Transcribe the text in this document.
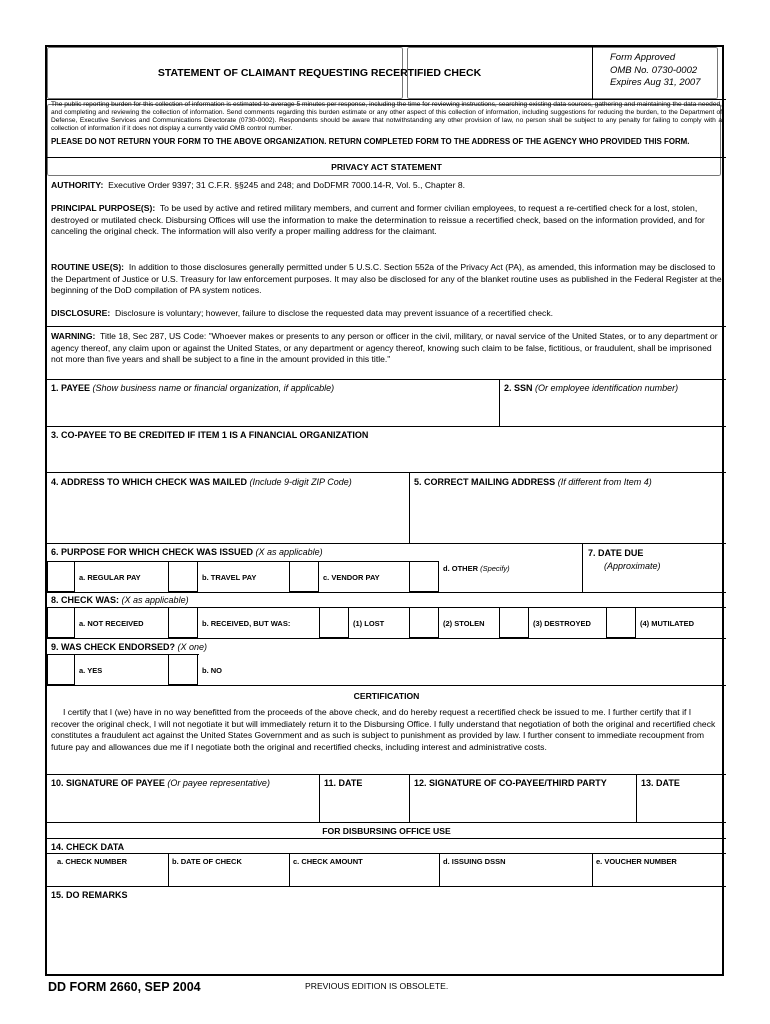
STATEMENT OF CLAIMANT REQUESTING RECERTIFIED CHECK
Form Approved
OMB No. 0730-0002
Expires Aug 31, 2007
The public reporting burden for this collection of information is estimated to average 5 minutes per response, including the time for reviewing instructions, searching existing data sources, gathering and maintaining the data needed, and completing and reviewing the collection of information. Send comments regarding this burden estimate or any other aspect of this collection of information, including suggestions for reducing the burden, to the Department of Defense, Executive Services and Communications Directorate (0730-0002). Respondents should be aware that notwithstanding any other provision of law, no person shall be subject to any penalty for failing to comply with a collection of information if it does not display a currently valid OMB control number.
PLEASE DO NOT RETURN YOUR FORM TO THE ABOVE ORGANIZATION. RETURN COMPLETED FORM TO THE ADDRESS OF THE AGENCY WHO PROVIDED THIS FORM.
PRIVACY ACT STATEMENT
AUTHORITY: Executive Order 9397; 31 C.F.R. §§245 and 248; and DoDFMR 7000.14-R, Vol. 5., Chapter 8.
PRINCIPAL PURPOSE(S): To be used by active and retired military members, and current and former civilian employees, to request a re-certified check for a lost, stolen, destroyed or mutilated check. Disbursing Offices will use the information to make the determination to reissue a recertified check, based on the information provided, and for canceling the original check. The information will also verify a proper mailing address for the claimant.
ROUTINE USE(S): In addition to those disclosures generally permitted under 5 U.S.C. Section 552a of the Privacy Act (PA), as amended, this information may be disclosed to the Department of Justice or U.S. Treasury for law enforcement purposes. It may also be disclosed for any of the blanket routine uses as published in the Federal Register at the beginning of the DoD compilation of PA system notices.
DISCLOSURE: Disclosure is voluntary; however, failure to disclose the requested data may prevent issuance of a recertified check.
WARNING: Title 18, Sec 287, US Code: "Whoever makes or presents to any person or officer in the civil, military, or naval service of the United States, or to any department or agency thereof, any claim upon or against the United States, or any department or agency thereof, knowing such claim to be false, fictitious, or fraudulent, shall be imprisoned not more than five years and shall be subject to a fine in the amount provided in this title."
1. PAYEE (Show business name or financial organization, if applicable)	2. SSN (Or employee identification number)
3. CO-PAYEE TO BE CREDITED IF ITEM 1 IS A FINANCIAL ORGANIZATION
4. ADDRESS TO WHICH CHECK WAS MAILED (Include 9-digit ZIP Code)
	5. CORRECT MAILING ADDRESS (If different from Item 4)

6. PURPOSE FOR WHICH CHECK WAS ISSUED (X as applicable)
a. REGULAR PAY	b. TRAVEL PAY	c. VENDOR PAY
d. OTHER (Specify)
7. DATE DUE
(Approximate)
8. CHECK WAS: (X as applicable)
a. NOT RECEIVED	b. RECEIVED, BUT WAS:	(1) LOST	(2) STOLEN	(3) DESTROYED	(4) MUTILATED
9. WAS CHECK ENDORSED? (X one)
a. YES	b. NO
CERTIFICATION
I certify that I (we) have in no way benefitted from the proceeds of the above check, and do hereby request a recertified check be issued to me. I further certify that if I recover the original check, I will not negotiate it but will immediately return it to the Disbursing Office. I fully understand that negotiation of both the original and recertified check constitutes a fraudulent act against the United States Government and as such is subject to punishment as provided by law. I further consent to immediate recoupment from future pay and allowances due me if I negotiate both the original and recertified checks, including interest and administrative costs.
10. SIGNATURE OF PAYEE (Or payee representative)	11. DATE	12. SIGNATURE OF CO-PAYEE/THIRD PARTY	13. DATE
FOR DISBURSING OFFICE USE
14. CHECK DATA
a. CHECK NUMBER	b. DATE OF CHECK	c. CHECK AMOUNT	d. ISSUING DSSN	e. VOUCHER NUMBER
15. DO REMARKS
DD FORM 2660, SEP 2004	PREVIOUS EDITION IS OBSOLETE.
